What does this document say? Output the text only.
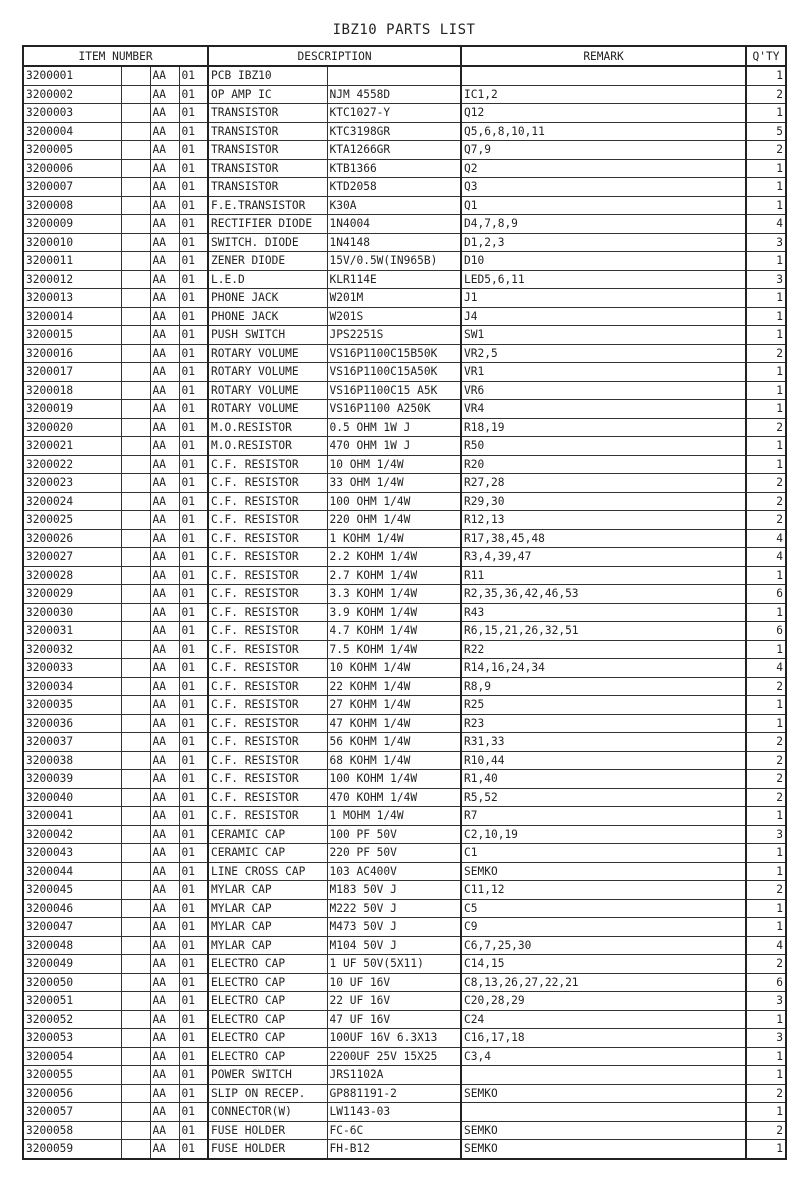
IBZ10 PARTS LIST
ITEM NUMBER				DESCRIPTION		REMARK	Q'TY
3200001		AA	01	PCB IBZ10			1
3200002		AA	01	OP AMP IC	NJM 4558D	IC1,2	2
3200003		AA	01	TRANSISTOR	KTC1027-Y	Q12	1
3200004		AA	01	TRANSISTOR	KTC3198GR	Q5,6,8,10,11	5
3200005		AA	01	TRANSISTOR	KTA1266GR	Q7,9	2
3200006		AA	01	TRANSISTOR	KTB1366	Q2	1
3200007		AA	01	TRANSISTOR	KTD2058	Q3	1
3200008		AA	01	F.E.TRANSISTOR	K30A	Q1	1
3200009		AA	01	RECTIFIER DIODE	1N4004	D4,7,8,9	4
3200010		AA	01	SWITCH. DIODE	1N4148	D1,2,3	3
3200011		AA	01	ZENER DIODE	15V/0.5W(IN965B)	D10	1
3200012		AA	01	L.E.D	KLR114E	LED5,6,11	3
3200013		AA	01	PHONE JACK	W201M	J1	1
3200014		AA	01	PHONE JACK	W201S	J4	1
3200015		AA	01	PUSH SWITCH	JPS2251S	SW1	1
3200016		AA	01	ROTARY VOLUME	VS16P1100C15B50K	VR2,5	2
3200017		AA	01	ROTARY VOLUME	VS16P1100C15A50K	VR1	1
3200018		AA	01	ROTARY VOLUME	VS16P1100C15 A5K	VR6	1
3200019		AA	01	ROTARY VOLUME	VS16P1100 A250K	VR4	1
3200020		AA	01	M.O.RESISTOR	0.5 OHM 1W J	R18,19	2
3200021		AA	01	M.O.RESISTOR	470 OHM 1W J	R50	1
3200022		AA	01	C.F. RESISTOR	10 OHM 1/4W	R20	1
3200023		AA	01	C.F. RESISTOR	33 OHM 1/4W	R27,28	2
3200024		AA	01	C.F. RESISTOR	100 OHM 1/4W	R29,30	2
3200025		AA	01	C.F. RESISTOR	220 OHM 1/4W	R12,13	2
3200026		AA	01	C.F. RESISTOR	1 KOHM 1/4W	R17,38,45,48	4
3200027		AA	01	C.F. RESISTOR	2.2 KOHM 1/4W	R3,4,39,47	4
3200028		AA	01	C.F. RESISTOR	2.7 KOHM 1/4W	R11	1
3200029		AA	01	C.F. RESISTOR	3.3 KOHM 1/4W	R2,35,36,42,46,53	6
3200030		AA	01	C.F. RESISTOR	3.9 KOHM 1/4W	R43	1
3200031		AA	01	C.F. RESISTOR	4.7 KOHM 1/4W	R6,15,21,26,32,51	6
3200032		AA	01	C.F. RESISTOR	7.5 KOHM 1/4W	R22	1
3200033		AA	01	C.F. RESISTOR	10 KOHM 1/4W	R14,16,24,34	4
3200034		AA	01	C.F. RESISTOR	22 KOHM 1/4W	R8,9	2
3200035		AA	01	C.F. RESISTOR	27 KOHM 1/4W	R25	1
3200036		AA	01	C.F. RESISTOR	47 KOHM 1/4W	R23	1
3200037		AA	01	C.F. RESISTOR	56 KOHM 1/4W	R31,33	2
3200038		AA	01	C.F. RESISTOR	68 KOHM 1/4W	R10,44	2
3200039		AA	01	C.F. RESISTOR	100 KOHM 1/4W	R1,40	2
3200040		AA	01	C.F. RESISTOR	470 KOHM 1/4W	R5,52	2
3200041		AA	01	C.F. RESISTOR	1 MOHM 1/4W	R7	1
3200042		AA	01	CERAMIC CAP	100 PF 50V	C2,10,19	3
3200043		AA	01	CERAMIC CAP	220 PF 50V	C1	1
3200044		AA	01	LINE CROSS CAP	103 AC400V	SEMKO	1
3200045		AA	01	MYLAR CAP	M183 50V J	C11,12	2
3200046		AA	01	MYLAR CAP	M222 50V J	C5	1
3200047		AA	01	MYLAR CAP	M473 50V J	C9	1
3200048		AA	01	MYLAR CAP	M104 50V J	C6,7,25,30	4
3200049		AA	01	ELECTRO CAP	1 UF 50V(5X11)	C14,15	2
3200050		AA	01	ELECTRO CAP	10 UF 16V	C8,13,26,27,22,21	6
3200051		AA	01	ELECTRO CAP	22 UF 16V	C20,28,29	3
3200052		AA	01	ELECTRO CAP	47 UF 16V	C24	1
3200053		AA	01	ELECTRO CAP	100UF 16V 6.3X13	C16,17,18	3
3200054		AA	01	ELECTRO CAP	2200UF 25V 15X25	C3,4	1
3200055		AA	01	POWER SWITCH	JRS1102A		1
3200056		AA	01	SLIP ON RECEP.	GP881191-2	SEMKO	2
3200057		AA	01	CONNECTOR(W)	LW1143-03		1
3200058		AA	01	FUSE HOLDER	FC-6C	SEMKO	2
3200059		AA	01	FUSE HOLDER	FH-B12	SEMKO	1
